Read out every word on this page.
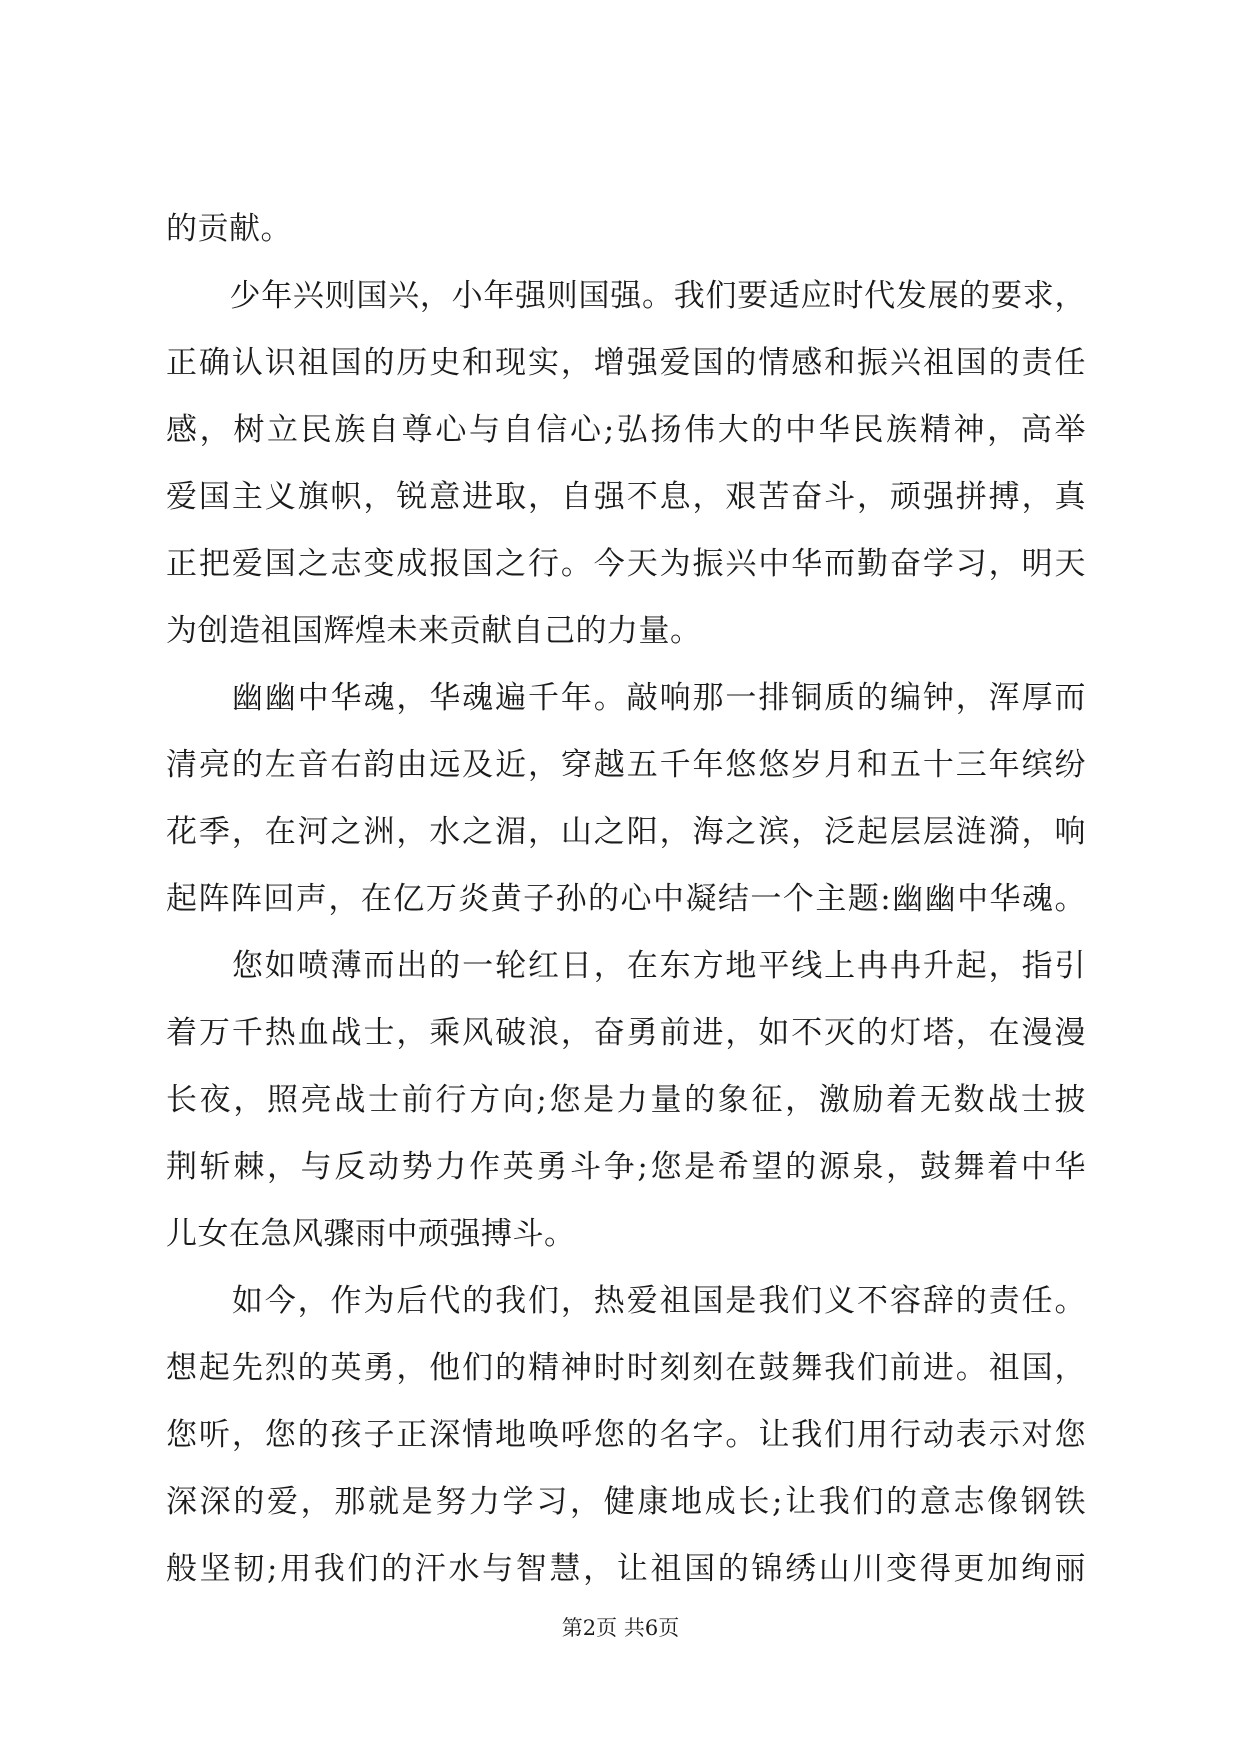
的贡献。
　　少年兴则国兴，小年强则国强。我们要适应时代发展的要求，
正确认识祖国的历史和现实，增强爱国的情感和振兴祖国的责任
感，树立民族自尊心与自信心;弘扬伟大的中华民族精神，高举
爱国主义旗帜，锐意进取，自强不息，艰苦奋斗，顽强拼搏，真
正把爱国之志变成报国之行。今天为振兴中华而勤奋学习，明天
为创造祖国辉煌未来贡献自己的力量。
　　幽幽中华魂，华魂遍千年。敲响那一排铜质的编钟，浑厚而
清亮的左音右韵由远及近，穿越五千年悠悠岁月和五十三年缤纷
花季，在河之洲，水之湄，山之阳，海之滨，泛起层层涟漪，响
起阵阵回声，在亿万炎黄子孙的心中凝结一个主题:幽幽中华魂。
　　您如喷薄而出的一轮红日，在东方地平线上冉冉升起，指引
着万千热血战士，乘风破浪，奋勇前进，如不灭的灯塔，在漫漫
长夜，照亮战士前行方向;您是力量的象征，激励着无数战士披
荆斩棘，与反动势力作英勇斗争;您是希望的源泉，鼓舞着中华
儿女在急风骤雨中顽强搏斗。
　　如今，作为后代的我们，热爱祖国是我们义不容辞的责任。
想起先烈的英勇，他们的精神时时刻刻在鼓舞我们前进。祖国，
您听，您的孩子正深情地唤呼您的名字。让我们用行动表示对您
深深的爱，那就是努力学习，健康地成长;让我们的意志像钢铁
般坚韧;用我们的汗水与智慧，让祖国的锦绣山川变得更加绚丽
第2页 共6页
